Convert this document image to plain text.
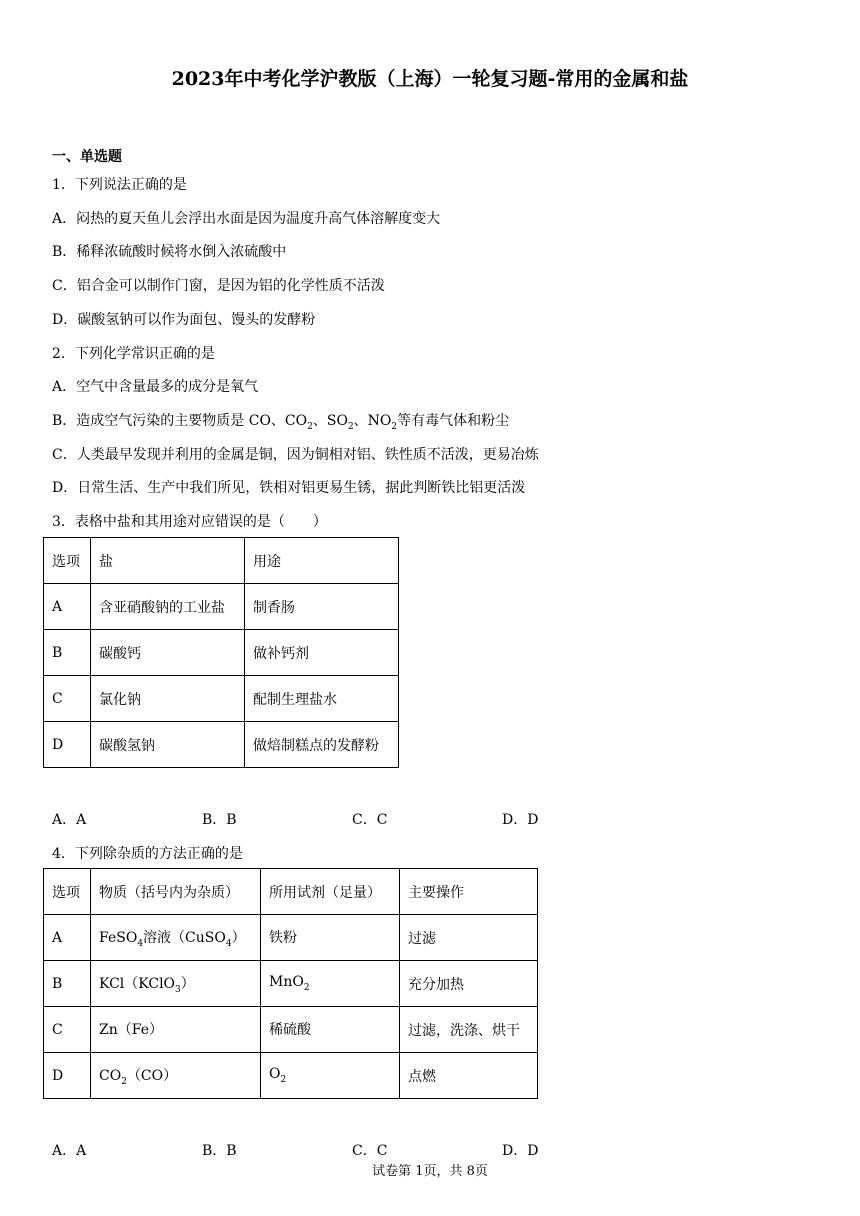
2023年中考化学沪教版（上海）一轮复习题-常用的金属和盐
一、单选题
1．下列说法正确的是
A．闷热的夏天鱼儿会浮出水面是因为温度升高气体溶解度变大
B．稀释浓硫酸时候将水倒入浓硫酸中
C．铝合金可以制作门窗，是因为铝的化学性质不活泼
D．碳酸氢钠可以作为面包、馒头的发酵粉
2．下列化学常识正确的是
A．空气中含量最多的成分是氧气
B．造成空气污染的主要物质是 CO、$CO_2$、$SO_2$、$NO_2$等有毒气体和粉尘
C．人类最早发现并利用的金属是铜，因为铜相对铝、铁性质不活泼，更易冶炼
D．日常生活、生产中我们所见，铁相对铝更易生锈，据此判断铁比铝更活泼
3．表格中盐和其用途对应错误的是（　　）
选项	盐	用途
A	含亚硝酸钠的工业盐	制香肠
B	碳酸钙	做补钙剂
C	氯化钠	配制生理盐水
D	碳酸氢钠	做焙制糕点的发酵粉
A．A	B．B	C．C	D．D
4．下列除杂质的方法正确的是
选项	物质（括号内为杂质）	所用试剂（足量）	主要操作
A	FeSO$_4$溶液（CuSO$_4$）	铁粉	过滤
B	KCl（KClO$_3$）	MnO$_2$	充分加热
C	Zn（Fe）	稀硫酸	过滤，洗涤、烘干
D	$CO_2(CO)$	$O_2$	点燃
A．A	B．B	C．C	D．D
试卷第 1页，共 8页
